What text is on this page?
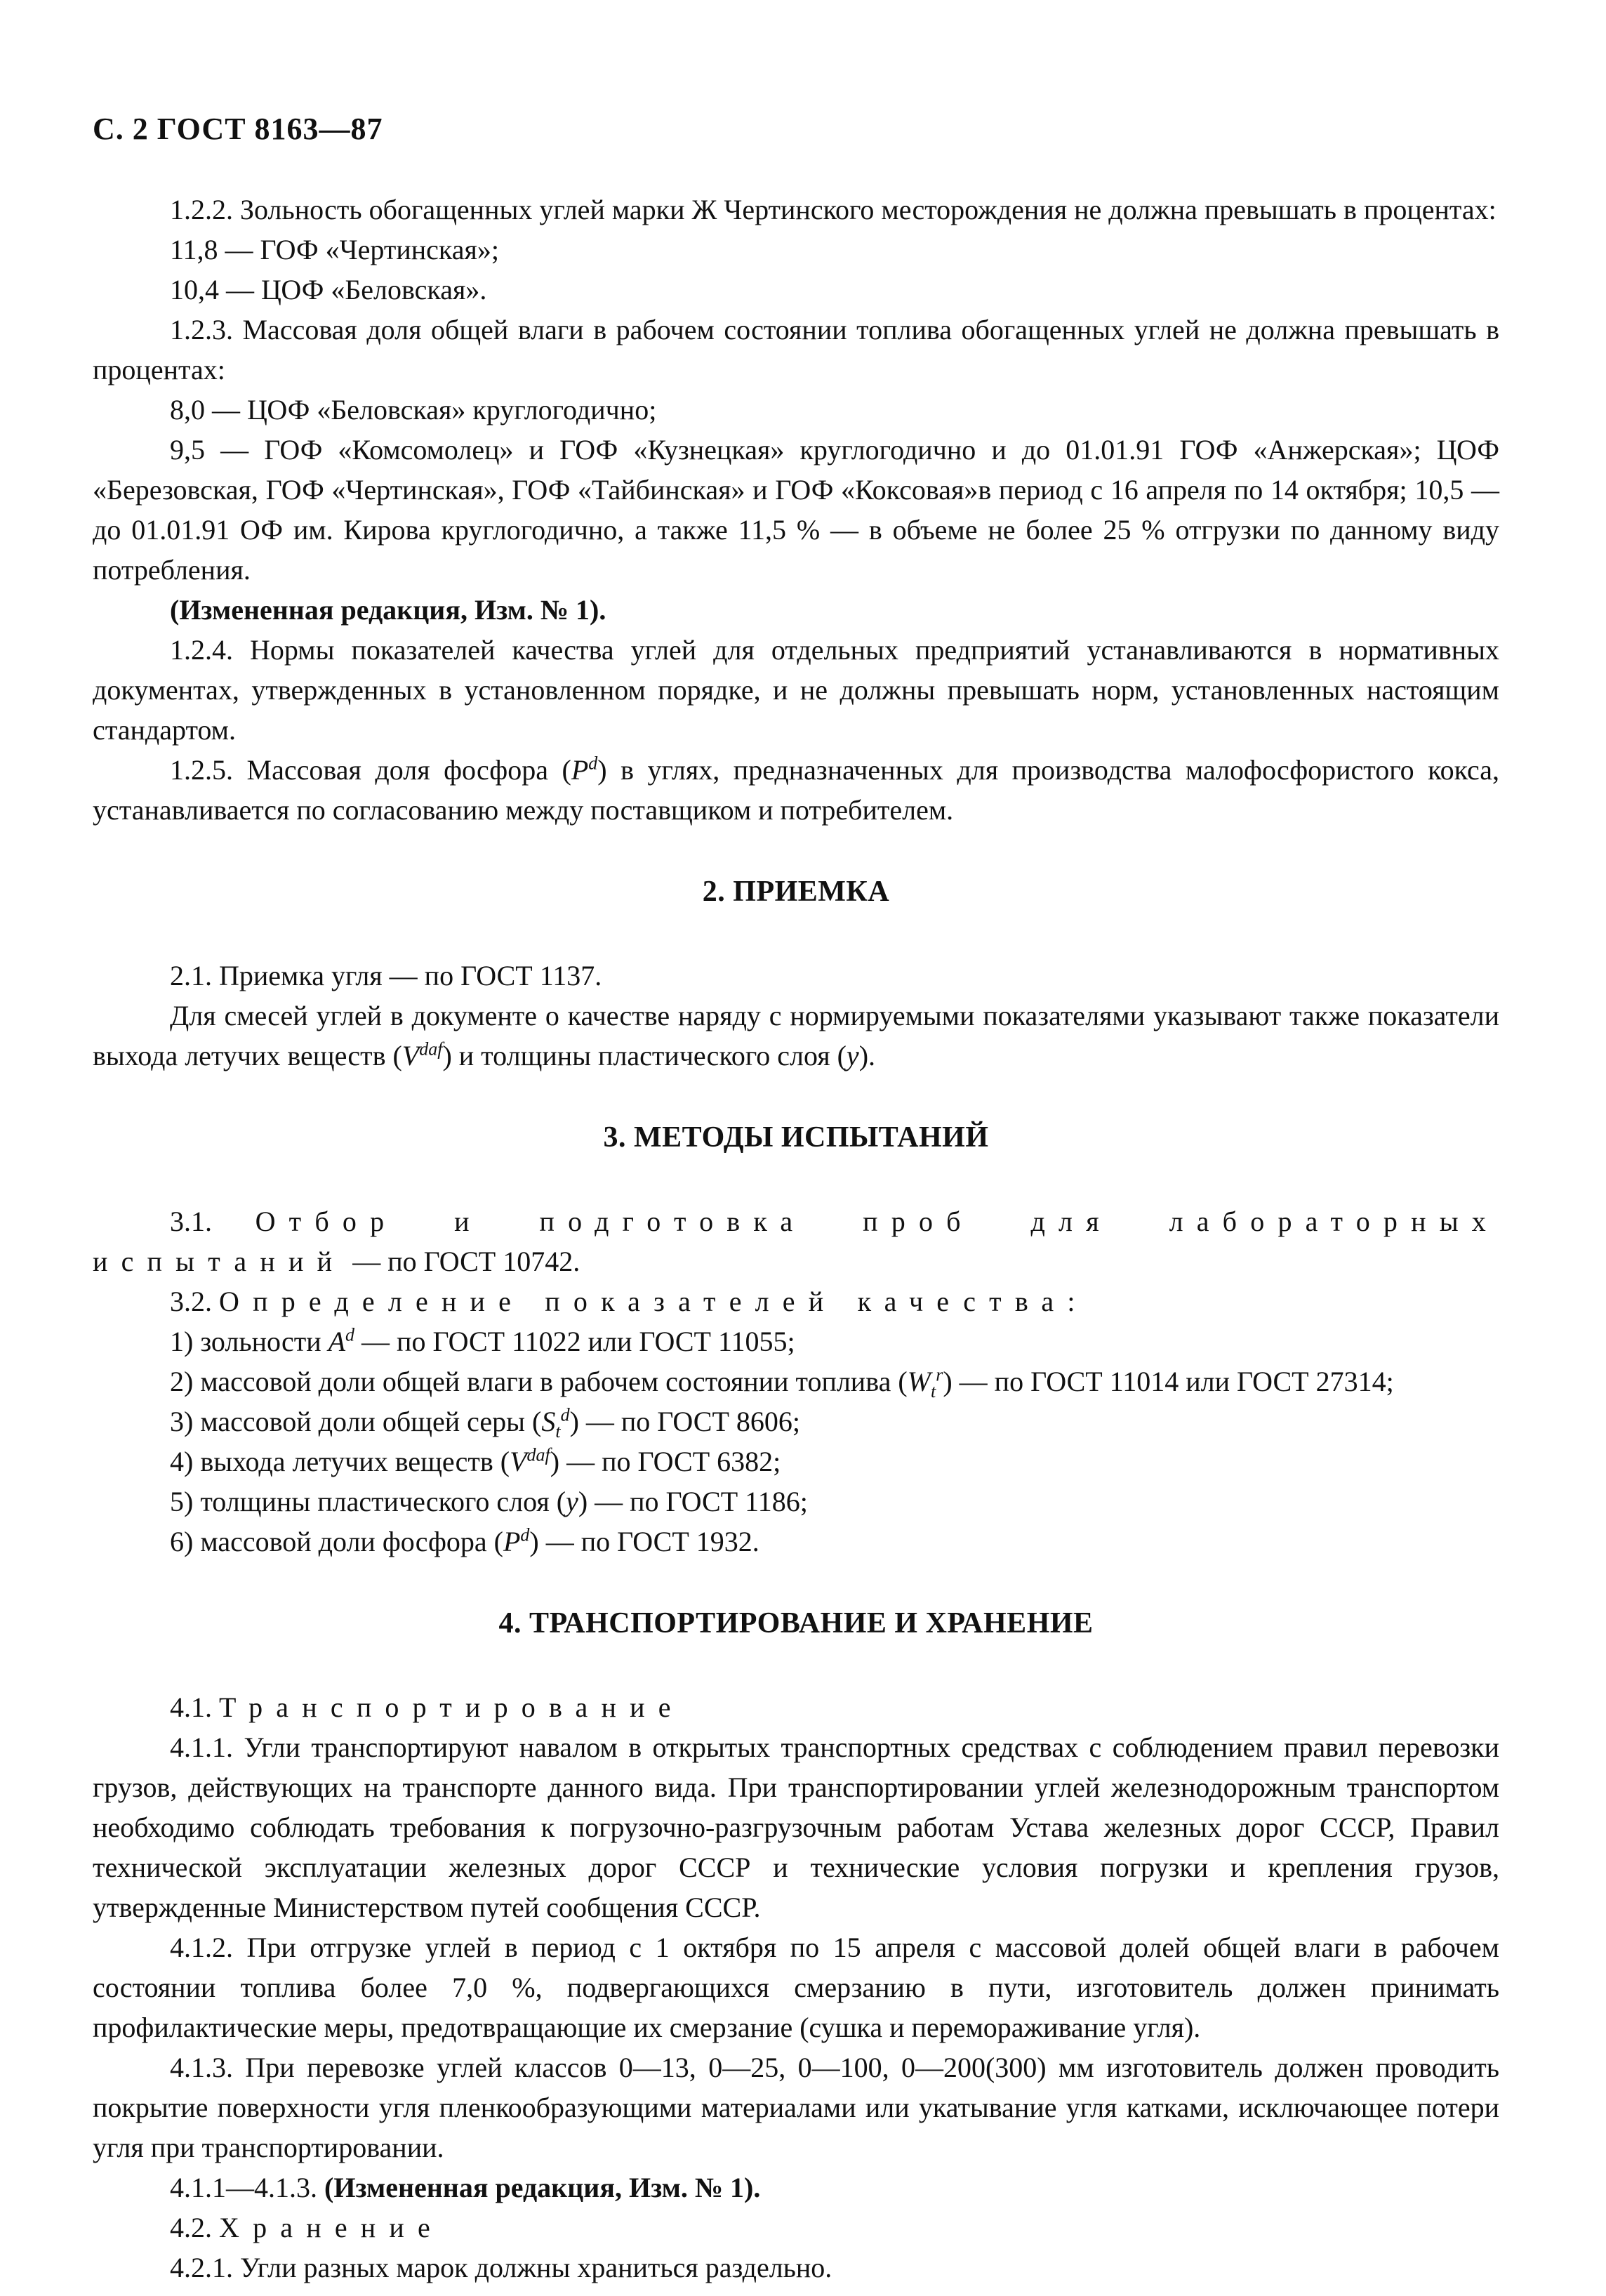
С. 2 ГОСТ 8163—87

1.2.2. Зольность обогащенных углей марки Ж Чертинского месторождения не должна превышать в процентах:

11,8 — ГОФ «Чертинская»;

10,4 — ЦОФ «Беловская».

1.2.3. Массовая доля общей влаги в рабочем состоянии топлива обогащенных углей не должна превышать в процентах:

8,0 — ЦОФ «Беловская» круглогодично;

9,5 — ГОФ «Комсомолец» и ГОФ «Кузнецкая» круглогодично и до 01.01.91 ГОФ «Анжерская»; ЦОФ «Березовская, ГОФ «Чертинская», ГОФ «Тайбинская» и ГОФ «Коксовая»в период с 16 апреля по 14 октября; 10,5 — до 01.01.91 ОФ им. Кирова круглогодично, а также 11,5 % — в объеме не более 25 % отгрузки по данному виду потребления.

(Измененная редакция, Изм. № 1).

1.2.4. Нормы показателей качества углей для отдельных предприятий устанавливаются в нормативных документах, утвержденных в установленном порядке, и не должны превышать норм, установленных настоящим стандартом.

1.2.5. Массовая доля фосфора $(P^d)$ в углях, предназначенных для производства малофосфористого кокса, устанавливается по согласованию между поставщиком и потребителем.

2. ПРИЕМКА

2.1. Приемка угля — по ГОСТ 1137.

Для смесей углей в документе о качестве наряду с нормируемыми показателями указывают также показатели выхода летучих веществ $(V^{daf})$ и толщины пластического слоя (y).

3. МЕТОДЫ ИСПЫТАНИЙ

3.1. Отбор и подготовка проб для лабораторных испытаний — по ГОСТ 10742.

3.2. Определение показателей качества:

1) зольности $A^d$ — по ГОСТ 11022 или ГОСТ 11055;

2) массовой доли общей влаги в рабочем состоянии топлива $(W_t^r)$ — по ГОСТ 11014 или ГОСТ 27314;

3) массовой доли общей серы $(S_t^d)$ — по ГОСТ 8606;

4) выхода летучих веществ $(V^{daf})$ — по ГОСТ 6382;

5) толщины пластического слоя (y) — по ГОСТ 1186;

6) массовой доли фосфора $(P^d)$ — по ГОСТ 1932.

4. ТРАНСПОРТИРОВАНИЕ И ХРАНЕНИЕ

4.1. Транспортирование

4.1.1. Угли транспортируют навалом в открытых транспортных средствах с соблюдением правил перевозки грузов, действующих на транспорте данного вида. При транспортировании углей железнодорожным транспортом необходимо соблюдать требования к погрузочно-разгрузочным работам Устава железных дорог СССР, Правил технической эксплуатации железных дорог СССР и технические условия погрузки и крепления грузов, утвержденные Министерством путей сообщения СССР.

4.1.2. При отгрузке углей в период с 1 октября по 15 апреля с массовой долей общей влаги в рабочем состоянии топлива более 7,0 %, подвергающихся смерзанию в пути, изготовитель должен принимать профилактические меры, предотвращающие их смерзание (сушка и перемораживание угля).

4.1.3. При перевозке углей классов 0—13, 0—25, 0—100, 0—200(300) мм изготовитель должен проводить покрытие поверхности угля пленкообразующими материалами или укатывание угля катками, исключающее потери угля при транспортировании.

4.1.1—4.1.3. (Измененная редакция, Изм. № 1).

4.2. Хранение

4.2.1. Угли разных марок должны храниться раздельно.
